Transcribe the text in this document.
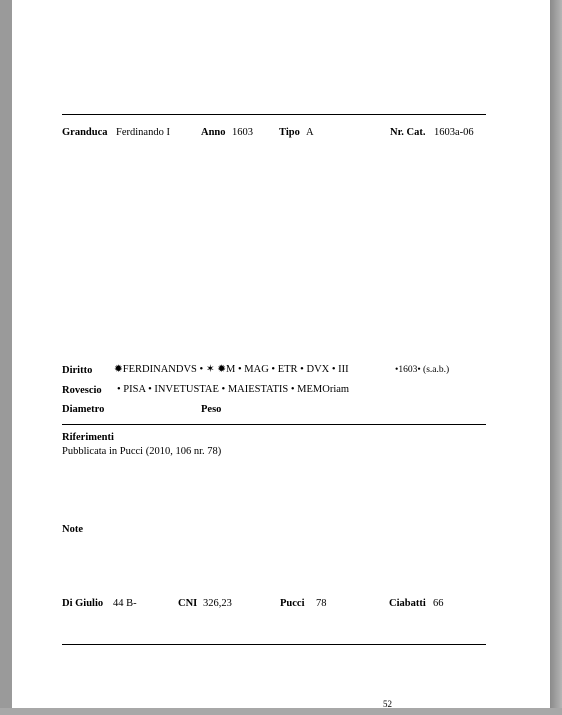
Granduca Ferdinando I	Anno 1603 Tipo A	Nr. Cat. 1603a-06
Diritto ✹FERDINANDVS • ✶ ✹M • MAG • ETR • DVX • III	•1603• (s.a.b.)
Rovescio • PISA • INVETUSTAE • MAIESTATIS • MEMOriam
Diametro	Peso
Riferimenti
Pubblicata in Pucci (2010, 106 nr. 78)
Note
Di Giulio 44 B-	CNI 326,23	Pucci 78	Ciabatti 66
52
